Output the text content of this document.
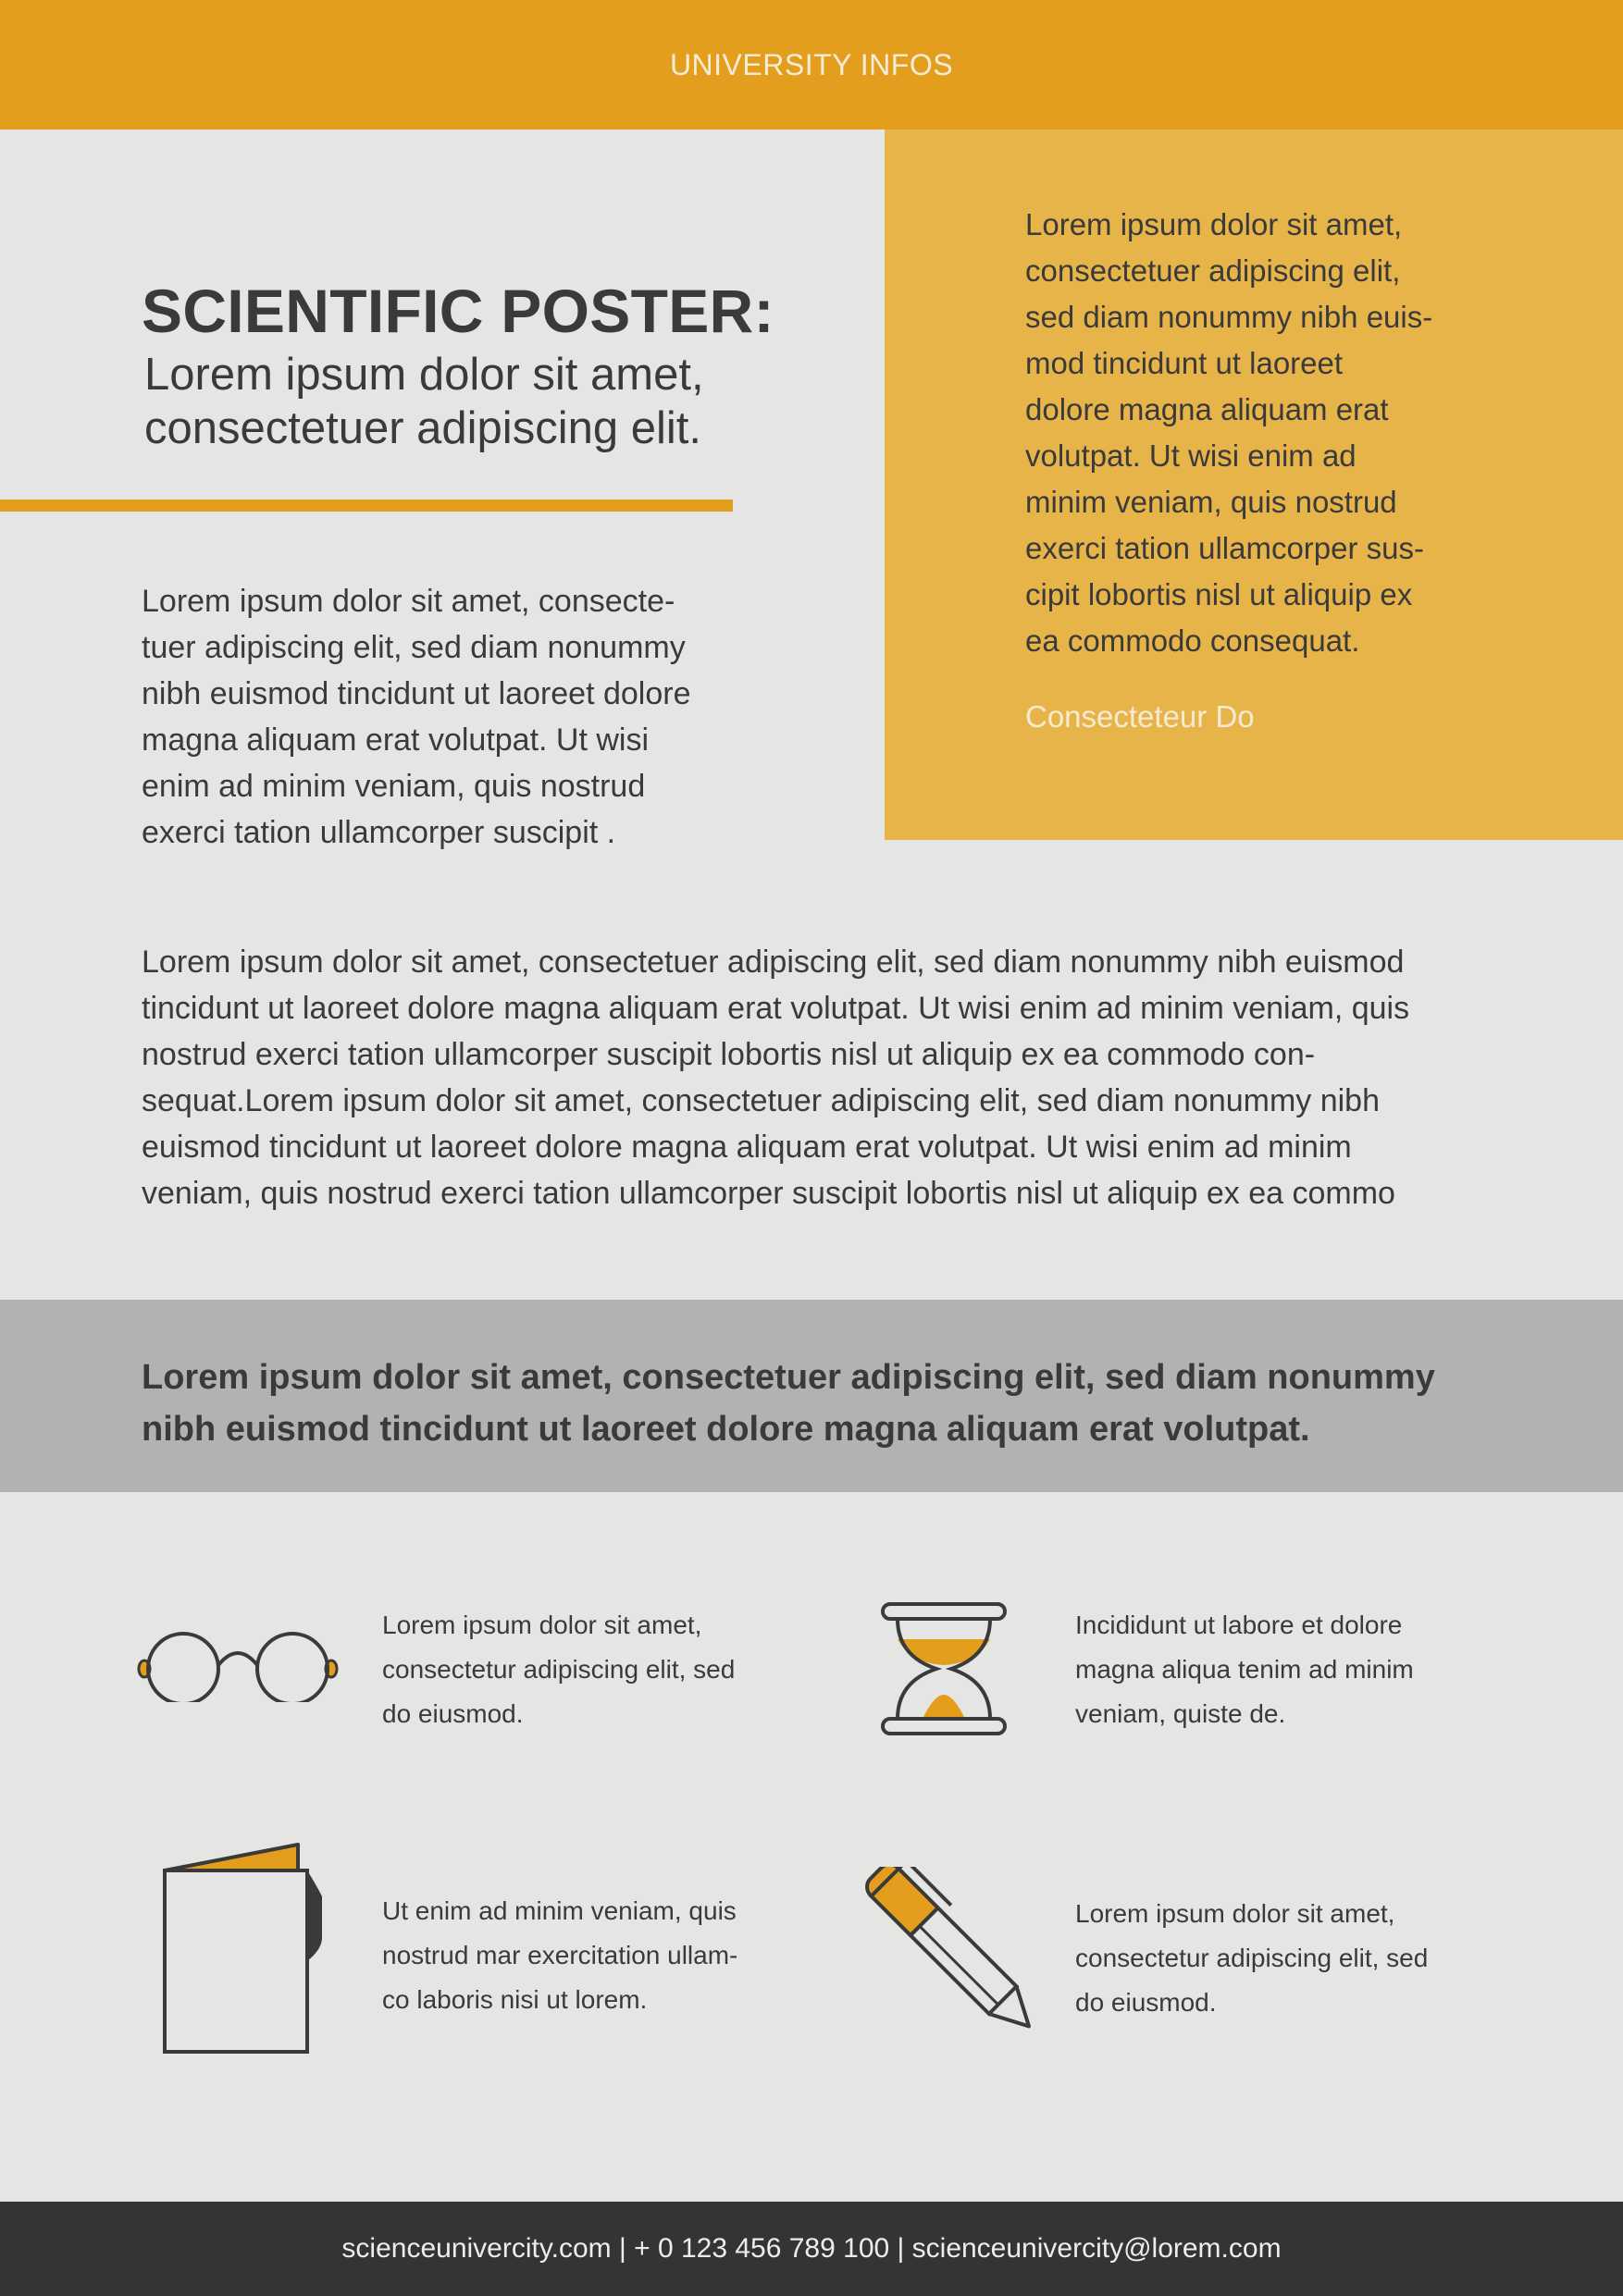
UNIVERSITY INFOS
Lorem ipsum dolor sit amet,
consectetuer adipiscing elit,
sed diam nonummy nibh euis-
mod tincidunt ut laoreet
dolore magna aliquam erat
volutpat. Ut wisi enim ad
minim veniam, quis nostrud
exerci tation ullamcorper sus-
cipit lobortis nisl ut aliquip ex
ea commodo consequat.
Consecteteur Do
SCIENTIFIC POSTER:
Lorem ipsum dolor sit amet,
consectetuer adipiscing elit.
Lorem ipsum dolor sit amet, consecte-
tuer adipiscing elit, sed diam nonummy
nibh euismod tincidunt ut laoreet dolore
magna aliquam erat volutpat. Ut wisi
enim ad minim veniam, quis nostrud
exerci tation ullamcorper suscipit .
Lorem ipsum dolor sit amet, consectetuer adipiscing elit, sed diam nonummy nibh euismod
tincidunt ut laoreet dolore magna aliquam erat volutpat. Ut wisi enim ad minim veniam, quis
nostrud exerci tation ullamcorper suscipit lobortis nisl ut aliquip ex ea commodo con-
sequat.Lorem ipsum dolor sit amet, consectetuer adipiscing elit, sed diam nonummy nibh
euismod tincidunt ut laoreet dolore magna aliquam erat volutpat. Ut wisi enim ad minim
veniam, quis nostrud exerci tation ullamcorper suscipit lobortis nisl ut aliquip ex ea commo
Lorem ipsum dolor sit amet, consectetuer adipiscing elit, sed diam nonummy
nibh euismod tincidunt ut laoreet dolore magna aliquam erat volutpat.
Lorem ipsum dolor sit amet,
consectetur adipiscing elit, sed
do eiusmod.
Incididunt ut labore et dolore
magna aliqua tenim ad minim
veniam, quiste de.
Ut enim ad minim veniam, quis
nostrud mar exercitation ullam-
co laboris nisi ut lorem.
Lorem ipsum dolor sit amet,
consectetur adipiscing elit, sed
do eiusmod.
scienceunivercity.com | + 0 123 456 789 100 | scienceunivercity@lorem.com
